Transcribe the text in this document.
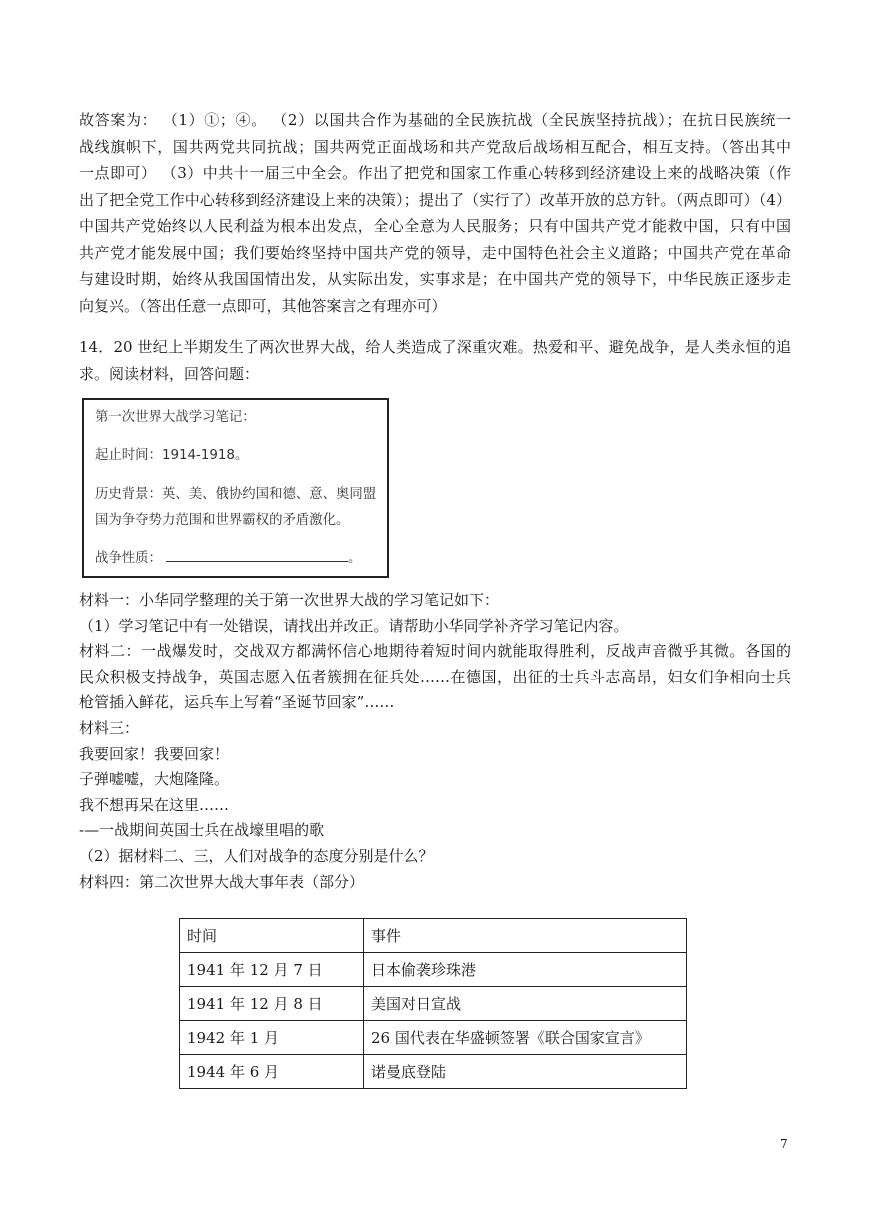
故答案为： （1）①；④。 （2）以国共合作为基础的全民族抗战（全民族坚持抗战）；在抗日民族统一
战线旗帜下，国共两党共同抗战；国共两党正面战场和共产党敌后战场相互配合，相互支持。（答出其中
一点即可） （3）中共十一届三中全会。作出了把党和国家工作重心转移到经济建设上来的战略决策（作
出了把全党工作中心转移到经济建设上来的决策）；提出了（实行了）改革开放的总方针。（两点即可）（4）
中国共产党始终以人民利益为根本出发点，全心全意为人民服务；只有中国共产党才能救中国，只有中国
共产党才能发展中国；我们要始终坚持中国共产党的领导，走中国特色社会主义道路；中国共产党在革命
与建设时期，始终从我国国情出发，从实际出发，实事求是；在中国共产党的领导下，中华民族正逐步走
向复兴。（答出任意一点即可，其他答案言之有理亦可）
14．20 世纪上半期发生了两次世界大战，给人类造成了深重灾难。热爱和平、避免战争，是人类永恒的追
求。阅读材料，回答问题：
第一次世界大战学习笔记：
起止时间：1914-1918。
历史背景：英、美、俄协约国和德、意、奥同盟
国为争夺势力范围和世界霸权的矛盾激化。
战争性质：	。
材料一：小华同学整理的关于第一次世界大战的学习笔记如下：
（1）学习笔记中有一处错误，请找出并改正。请帮助小华同学补齐学习笔记内容。
材料二：一战爆发时，交战双方都满怀信心地期待着短时间内就能取得胜利，反战声音微乎其微。各国的
民众积极支持战争，英国志愿入伍者簇拥在征兵处……在德国，出征的士兵斗志高昂，妇女们争相向士兵
枪管插入鲜花，运兵车上写着“圣诞节回家”……
材料三：
我要回家！我要回家！
子弹嘘嘘，大炮隆隆。
我不想再呆在这里……
-—一战期间英国士兵在战壕里唱的歌
（2）据材料二、三，人们对战争的态度分别是什么？
材料四：第二次世界大战大事年表（部分）
时间	事件
1941 年 12 月 7 日	日本偷袭珍珠港
1941 年 12 月 8 日	美国对日宣战
1942 年 1 月	26 国代表在华盛顿签署《联合国家宣言》
1944 年 6 月	诺曼底登陆
7
